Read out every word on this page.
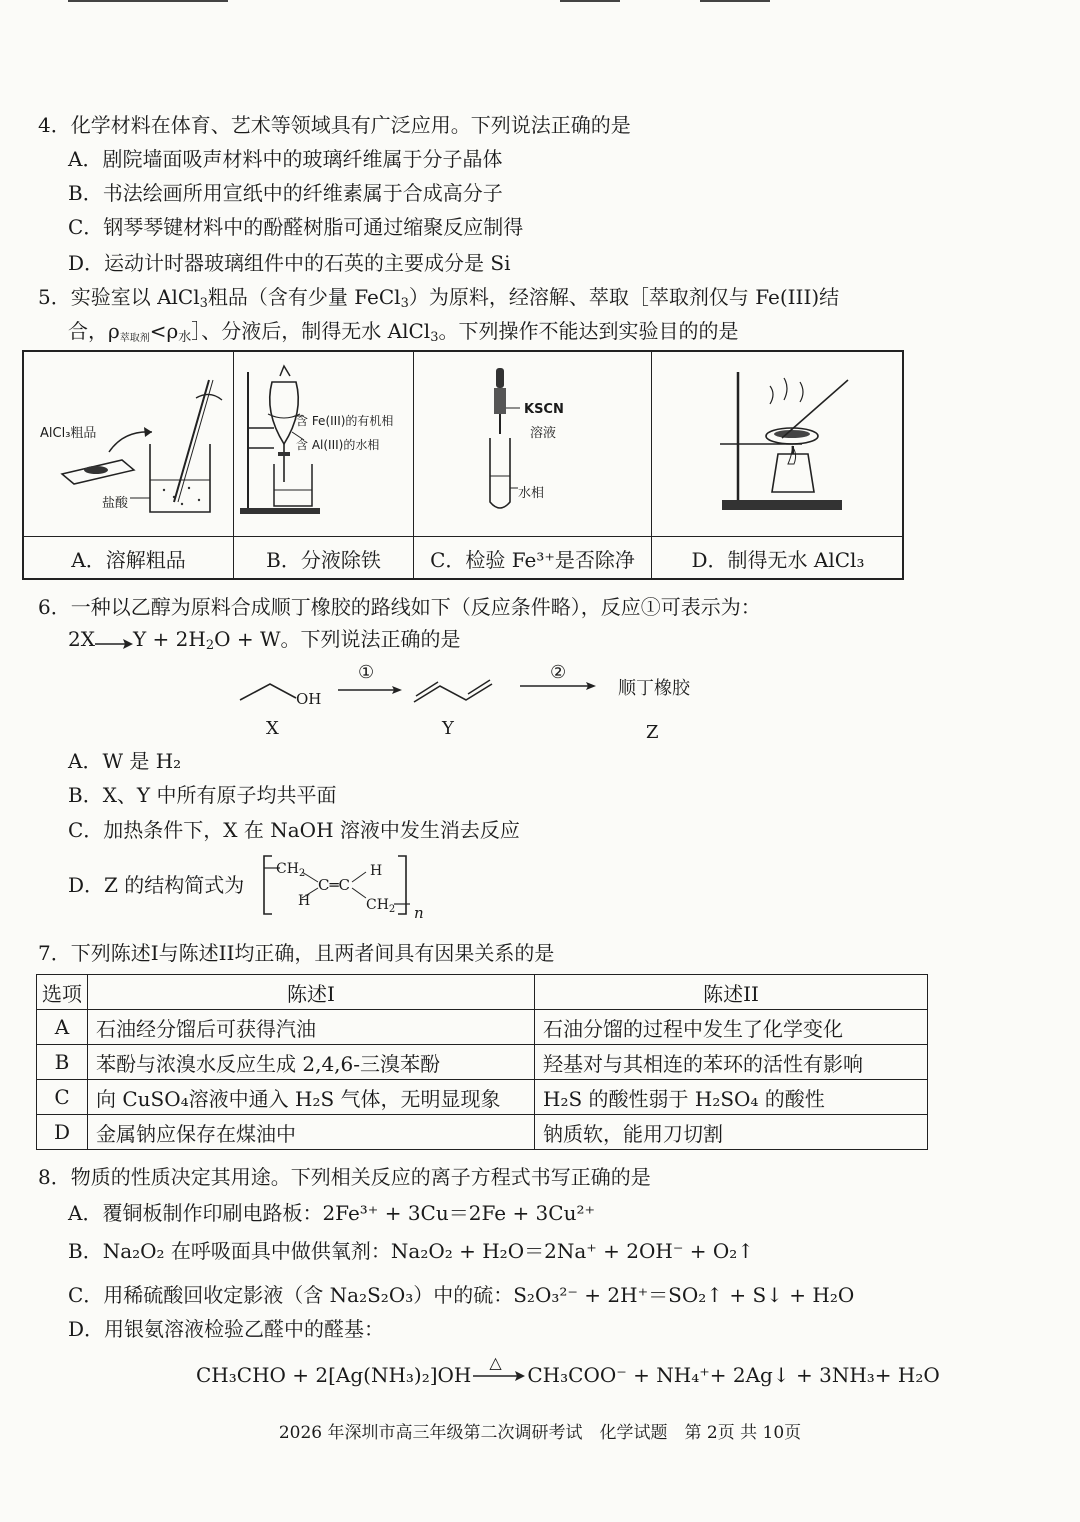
4．化学材料在体育、艺术等领域具有广泛应用。下列说法正确的是
A．剧院墙面吸声材料中的玻璃纤维属于分子晶体
B．书法绘画所用宣纸中的纤维素属于合成高分子
C．钢琴琴键材料中的酚醛树脂可通过缩聚反应制得
D．运动计时器玻璃组件中的石英的主要成分是 Si
5．实验室以 AlCl$_3$粗品（含有少量 FeCl$_3$）为原料，经溶解、萃取［萃取剂仅与 Fe(III)结
合，$\rho_{萃取剂}<\rho_水]$、分液后，制得无水 AlCl$_3$。下列操作不能达到实验目的的是
AlCl₃粗品
盐酸
含 Fe(III)的有机相
含 Al(III)的水相
KSCN
溶液
水相
A．溶解粗品	B．分液除铁	C．检验 Fe³⁺是否除净	D．制得无水 AlCl₃
6．一种以乙醇为原料合成顺丁橡胶的路线如下（反应条件略），反应①可表示为：
$2X\to Y + 2H_2O + W$。下列说法正确的是
OH
①	②
顺丁橡胶
X	Y	Z
A．W 是 H₂
B．X、Y 中所有原子均共平面
C．加热条件下，X 在 NaOH 溶液中发生消去反应
D．Z 的结构简式为
$CH_2$
H
C═C
H
$CH_2$ n
7．下列陈述I与陈述II均正确，且两者间具有因果关系的是
选项	陈述I	陈述II
A	石油经分馏后可获得汽油	石油分馏的过程中发生了化学变化
B	苯酚与浓溴水反应生成 2,4,6-三溴苯酚	羟基对与其相连的苯环的活性有影响
C	向 CuSO₄溶液中通入 H₂S 气体，无明显现象	H₂S 的酸性弱于 H₂SO₄ 的酸性
D	金属钠应保存在煤油中	钠质软，能用刀切割
8．物质的性质决定其用途。下列相关反应的离子方程式书写正确的是
A．覆铜板制作印刷电路板：2Fe³⁺ + 3Cu＝2Fe + 3Cu²⁺
B．Na₂O₂ 在呼吸面具中做供氧剂：Na₂O₂ + H₂O＝2Na⁺ + 2OH⁻ + O₂↑
C．用稀硫酸回收定影液（含 Na₂S₂O₃）中的硫：S₂O₃²⁻ + 2H⁺＝SO₂↑ + S↓ + H₂O
D．用银氨溶液检验乙醛中的醛基：
CH₃CHO + 2[Ag(NH₃)₂]OH
△
CH₃COO⁻ + NH₄⁺+ 2Ag↓ + 3NH₃+ H₂O
2026 年深圳市高三年级第二次调研考试　化学试题　第 2页 共 10页
